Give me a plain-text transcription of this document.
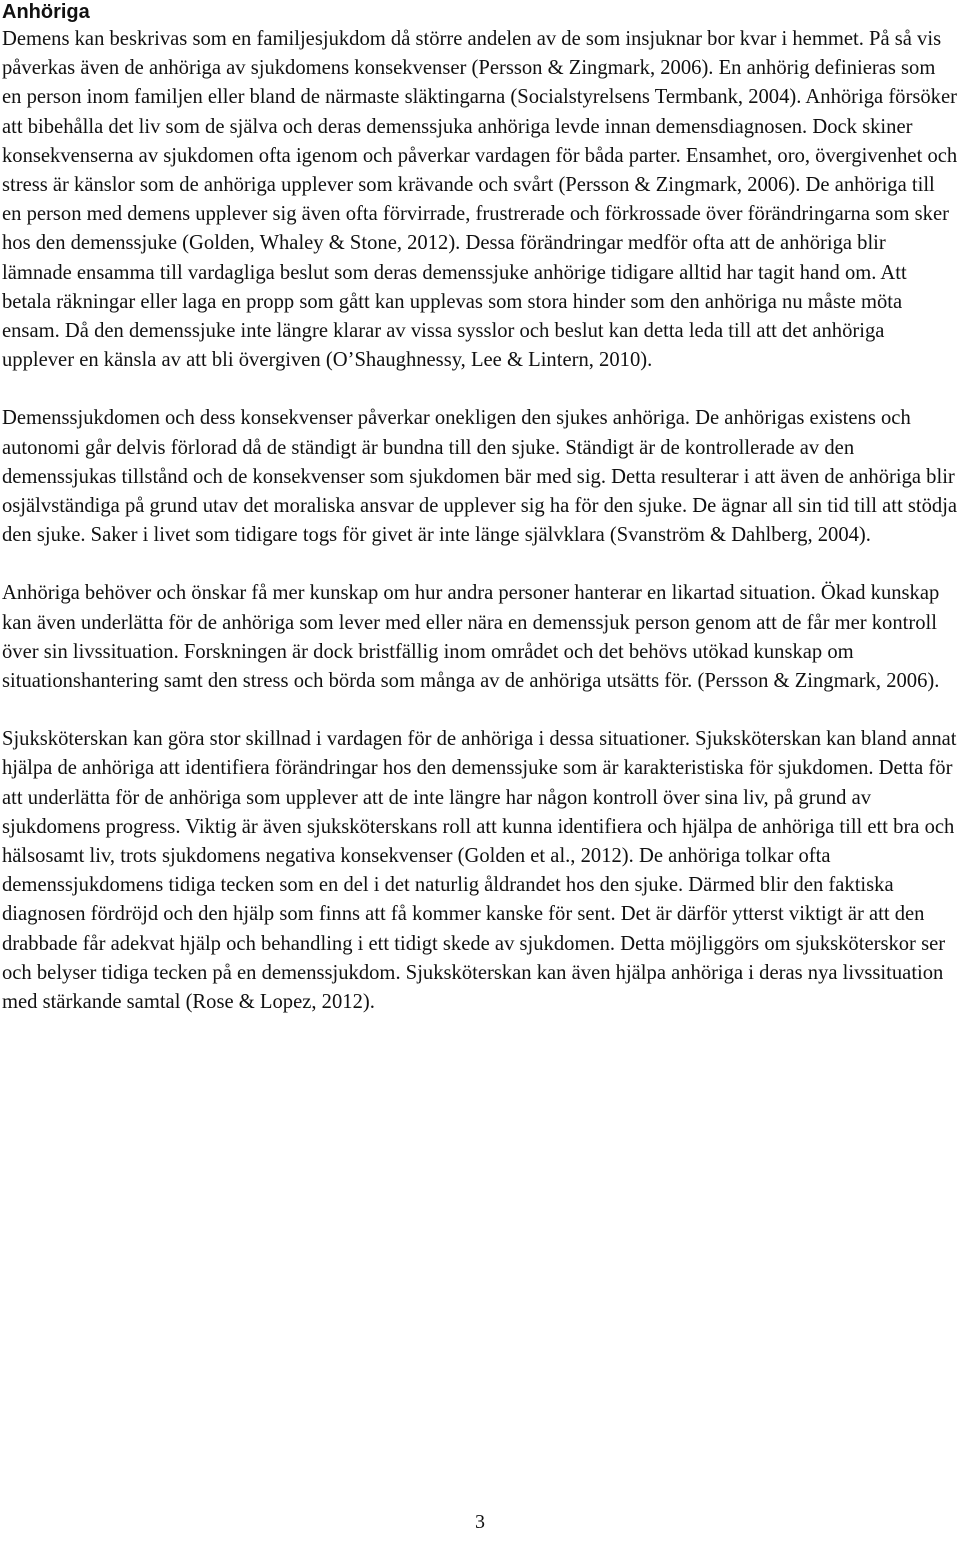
Anhöriga

Demens kan beskrivas som en familjesjukdom då större andelen av de som insjuknar bor kvar i hemmet. På så vis påverkas även de anhöriga av sjukdomens konsekvenser (Persson & Zingmark, 2006). En anhörig definieras som en person inom familjen eller bland de närmaste släktingarna (Socialstyrelsens Termbank, 2004). Anhöriga försöker att bibehålla det liv som de själva och deras demenssjuka anhöriga levde innan demensdiagnosen. Dock skiner konsekvenserna av sjukdomen ofta igenom och påverkar vardagen för båda parter. Ensamhet, oro, övergivenhet och stress är känslor som de anhöriga upplever som krävande och svårt (Persson & Zingmark, 2006). De anhöriga till en person med demens upplever sig även ofta förvirrade, frustrerade och förkrossade över förändringarna som sker hos den demenssjuke (Golden, Whaley & Stone, 2012). Dessa förändringar medför ofta att de anhöriga blir lämnade ensamma till vardagliga beslut som deras demenssjuke anhörige tidigare alltid har tagit hand om. Att betala räkningar eller laga en propp som gått kan upplevas som stora hinder som den anhöriga nu måste möta ensam. Då den demenssjuke inte längre klarar av vissa sysslor och beslut kan detta leda till att det anhöriga upplever en känsla av att bli övergiven (O’Shaughnessy, Lee & Lintern, 2010).

Demenssjukdomen och dess konsekvenser påverkar onekligen den sjukes anhöriga. De anhörigas existens och autonomi går delvis förlorad då de ständigt är bundna till den sjuke. Ständigt är de kontrollerade av den demenssjukas tillstånd och de konsekvenser som sjukdomen bär med sig. Detta resulterar i att även de anhöriga blir osjälvständiga på grund utav det moraliska ansvar de upplever sig ha för den sjuke. De ägnar all sin tid till att stödja den sjuke. Saker i livet som tidigare togs för givet är inte länge självklara (Svanström & Dahlberg, 2004).

Anhöriga behöver och önskar få mer kunskap om hur andra personer hanterar en likartad situation. Ökad kunskap kan även underlätta för de anhöriga som lever med eller nära en demenssjuk person genom att de får mer kontroll över sin livssituation. Forskningen är dock bristfällig inom området och det behövs utökad kunskap om situationshantering samt den stress och börda som många av de anhöriga utsätts för. (Persson & Zingmark, 2006).

Sjuksköterskan kan göra stor skillnad i vardagen för de anhöriga i dessa situationer. Sjuksköterskan kan bland annat hjälpa de anhöriga att identifiera förändringar hos den demenssjuke som är karakteristiska för sjukdomen. Detta för att underlätta för de anhöriga som upplever att de inte längre har någon kontroll över sina liv, på grund av sjukdomens progress. Viktig är även sjuksköterskans roll att kunna identifiera och hjälpa de anhöriga till ett bra och hälsosamt liv, trots sjukdomens negativa konsekvenser (Golden et al., 2012). De anhöriga tolkar ofta demenssjukdomens tidiga tecken som en del i det naturlig åldrandet hos den sjuke. Därmed blir den faktiska diagnosen fördröjd och den hjälp som finns att få kommer kanske för sent. Det är därför ytterst viktigt är att den drabbade får adekvat hjälp och behandling i ett tidigt skede av sjukdomen. Detta möjliggörs om sjuksköterskor ser och belyser tidiga tecken på en demenssjukdom. Sjuksköterskan kan även hjälpa anhöriga i deras nya livssituation med stärkande samtal (Rose & Lopez, 2012).

3
